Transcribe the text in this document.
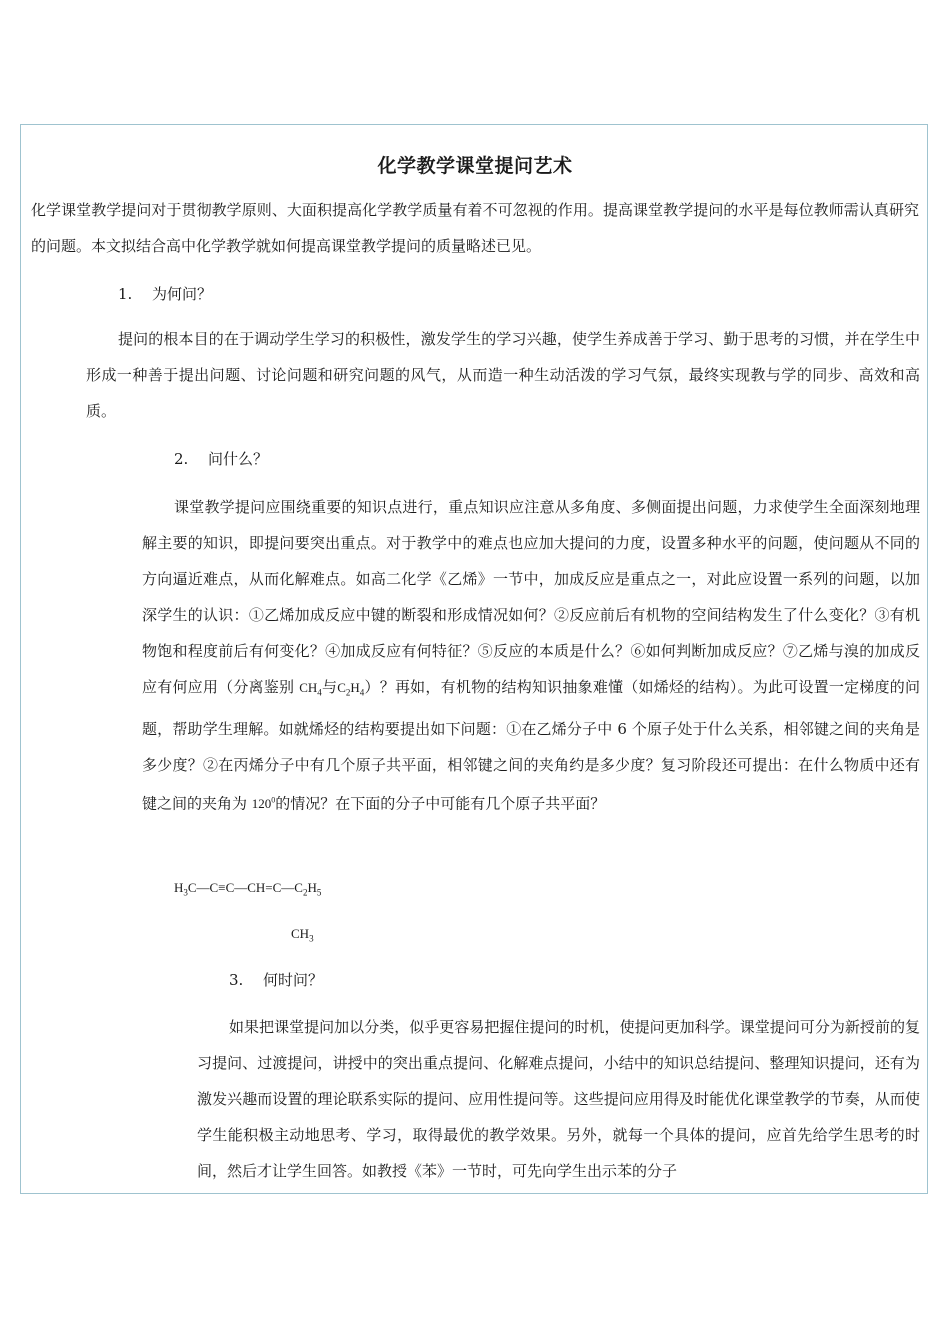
化学教学课堂提问艺术
化学课堂教学提问对于贯彻教学原则、大面积提高化学教学质量有着不可忽视的作用。提高课堂教学提问的水平是每位教师需认真研究的问题。本文拟结合高中化学教学就如何提高课堂教学提问的质量略述已见。
1. 为何问？
提问的根本目的在于调动学生学习的积极性，激发学生的学习兴趣，使学生养成善于学习、勤于思考的习惯，并在学生中形成一种善于提出问题、讨论问题和研究问题的风气，从而造一种生动活泼的学习气氛，最终实现教与学的同步、高效和高质。
2. 问什么？
课堂教学提问应围绕重要的知识点进行，重点知识应注意从多角度、多侧面提出问题，力求使学生全面深刻地理解主要的知识，即提问要突出重点。对于教学中的难点也应加大提问的力度，设置多种水平的问题，使问题从不同的方向逼近难点，从而化解难点。如高二化学《乙烯》一节中，加成反应是重点之一，对此应设置一系列的问题，以加深学生的认识：①乙烯加成反应中键的断裂和形成情况如何？②反应前后有机物的空间结构发生了什么变化？③有机物饱和程度前后有何变化？④加成反应有何特征？⑤反应的本质是什么？⑥如何判断加成反应？⑦乙烯与溴的加成反应有何应用（分离鉴别 $CH_4$与$C_2H_4$）？再如，有机物的结构知识抽象难懂（如烯烃的结构）。为此可设置一定梯度的问题，帮助学生理解。如就烯烃的结构要提出如下问题：①在乙烯分子中 6 个原子处于什么关系，相邻键之间的夹角是多少度？②在丙烯分子中有几个原子共平面，相邻键之间的夹角约是多少度？复习阶段还可提出：在什么物质中还有键之间的夹角为 $120^0$的情况？在下面的分子中可能有几个原子共平面？
$H_3C—C\equiv C—CH=C—C_2H_5$
$CH_3$
3. 何时问？
如果把课堂提问加以分类，似乎更容易把握住提问的时机，使提问更加科学。课堂提问可分为新授前的复习提问、过渡提问，讲授中的突出重点提问、化解难点提问，小结中的知识总结提问、整理知识提问，还有为激发兴趣而设置的理论联系实际的提问、应用性提问等。这些提问应用得及时能优化课堂教学的节奏，从而使学生能积极主动地思考、学习，取得最优的教学效果。另外，就每一个具体的提问，应首先给学生思考的时间，然后才让学生回答。如教授《苯》一节时，可先向学生出示苯的分子
